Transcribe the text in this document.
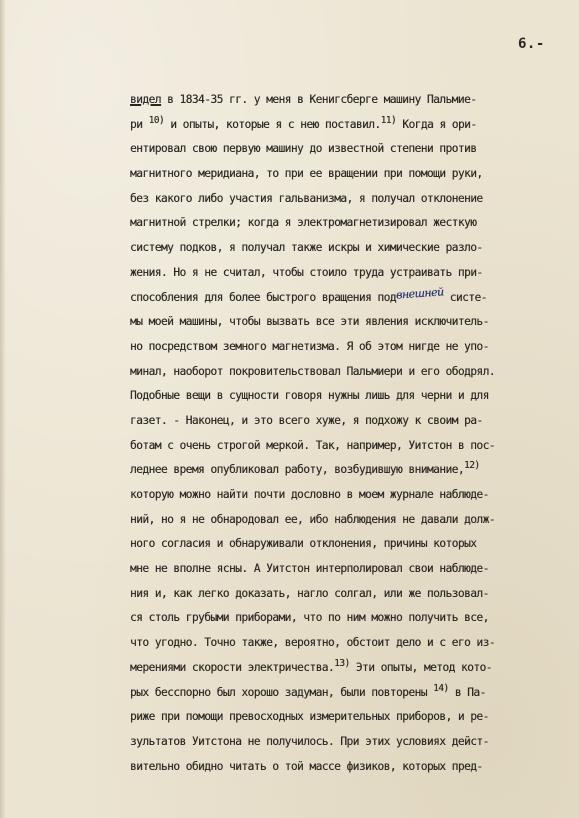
6.-
видел в 1834-35 гг. у меня в Кенигсберге машину Пальмие-
ри $^{10)}$ и опыты, которые я с нею поставил.$^{11)}$ Когда я ори-
ентировал свою первую машину до известной степени против
магнитного меридиана, то при ее вращении при помощи руки,
без какого либо участия гальванизма, я получал отклонение
магнитной стрелки; когда я электромагнетизировал жесткую
систему подков, я получал также искры и химические разло-
жения. Но я не считал, чтобы стоило труда устраивать при-
способления для более быстрого вращения подвнешней систе-
мы моей машины, чтобы вызвать все эти явления исключитель-
но посредством земного магнетизма. Я об этом нигде не упо-
минал, наоборот покровительствовал Пальмиери и его ободрял.
Подобные вещи в сущности говоря нужны лишь для черни и для
газет. - Наконец, и это всего хуже, я подхожу к своим ра-
ботам с очень строгой меркой. Так, например, Уитстон в пос-
леднее время опубликовал работу, возбудившую внимание,$^{12)}$
которую можно найти почти дословно в моем журнале наблюде-
ний, но я не обнародовал ее, ибо наблюдения не давали долж-
ного согласия и обнаруживали отклонения, причины которых
мне не вполне ясны. А Уитстон интерполировал свои наблюде-
ния и, как легко доказать, нагло солгал, или же пользовал-
ся столь грубыми приборами, что по ним можно получить все,
что угодно. Точно также, вероятно, обстоит дело и с его из-
мерениями скорости электричества.$^{13)}$ Эти опыты, метод кото-
рых бесспорно был хорошо задуман, были повторены $^{14)}$ в Па-
риже при помощи превосходных измерительных приборов, и ре-
зультатов Уитстона не получилось. При этих условиях дейст-
вительно обидно читать о той массе физиков, которых пред-
